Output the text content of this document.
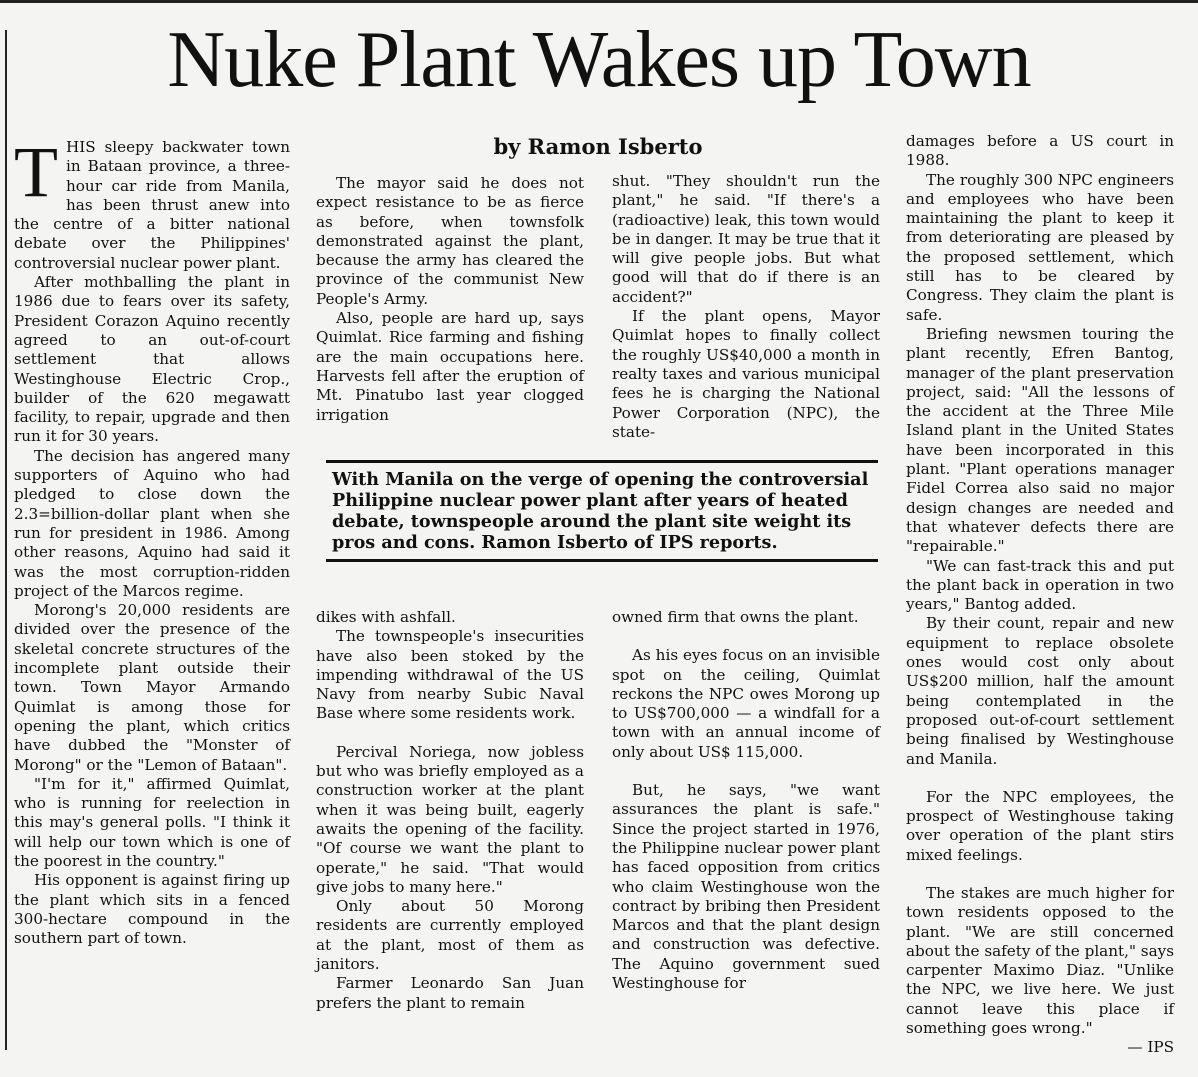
Nuke Plant Wakes up Town

THIS sleepy backwater town in Bataan province, a three-hour car ride from Manila, has been thrust anew into the centre of a bitter national debate over the Philippines' controversial nuclear power plant.

After mothballing the plant in 1986 due to fears over its safety, President Corazon Aquino recently agreed to an out-of-court settlement that allows Westinghouse Electric Crop., builder of the 620 megawatt facility, to repair, upgrade and then run it for 30 years.

The decision has angered many supporters of Aquino who had pledged to close down the 2.3=billion-dollar plant when she run for president in 1986. Among other reasons, Aquino had said it was the most corruption-ridden project of the Marcos regime.

Morong's 20,000 residents are divided over the presence of the skeletal concrete structures of the incomplete plant outside their town. Town Mayor Armando Quimlat is among those for opening the plant, which critics have dubbed the "Monster of Morong" or the "Lemon of Bataan".

"I'm for it," affirmed Quimlat, who is running for reelection in this may's general polls. "I think it will help our town which is one of the poorest in the country."

His opponent is against firing up the plant which sits in a fenced 300-hectare compound in the southern part of town.

by Ramon Isberto

The mayor said he does not expect resistance to be as fierce as before, when townsfolk demonstrated against the plant, because the army has cleared the province of the communist New People's Army.

Also, people are hard up, says Quimlat. Rice farming and fishing are the main occupations here. Harvests fell after the eruption of Mt. Pinatubo last year clogged irrigation

shut. "They shouldn't run the plant," he said. "If there's a (radioactive) leak, this town would be in danger. It may be true that it will give people jobs. But what good will that do if there is an accident?"

If the plant opens, Mayor Quimlat hopes to finally collect the roughly US$40,000 a month in realty taxes and various municipal fees he is charging the National Power Corporation (NPC), the state-

With Manila on the verge of opening the controversial Philippine nuclear power plant after years of heated debate, townspeople around the plant site weight its pros and cons. Ramon Isberto of IPS reports.

dikes with ashfall.

The townspeople's insecurities have also been stoked by the impending withdrawal of the US Navy from nearby Subic Naval Base where some residents work.

Percival Noriega, now jobless but who was briefly employed as a construction worker at the plant when it was being built, eagerly awaits the opening of the facility. "Of course we want the plant to operate," he said. "That would give jobs to many here."

Only about 50 Morong residents are currently employed at the plant, most of them as janitors.

Farmer Leonardo San Juan prefers the plant to remain

owned firm that owns the plant.

As his eyes focus on an invisible spot on the ceiling, Quimlat reckons the NPC owes Morong up to US$700,000 — a windfall for a town with an annual income of only about US$ 115,000.

But, he says, "we want assurances the plant is safe." Since the project started in 1976, the Philippine nuclear power plant has faced opposition from critics who claim Westinghouse won the contract by bribing then President Marcos and that the plant design and construction was defective. The Aquino government sued Westinghouse for

damages before a US court in 1988.

The roughly 300 NPC engineers and employees who have been maintaining the plant to keep it from deteriorating are pleased by the proposed settlement, which still has to be cleared by Congress. They claim the plant is safe.

Briefing newsmen touring the plant recently, Efren Bantog, manager of the plant preservation project, said: "All the lessons of the accident at the Three Mile Island plant in the United States have been incorporated in this plant. "Plant operations manager Fidel Correa also said no major design changes are needed and that whatever defects there are "repairable."

"We can fast-track this and put the plant back in operation in two years," Bantog added.

By their count, repair and new equipment to replace obsolete ones would cost only about US$200 million, half the amount being contemplated in the proposed out-of-court settlement being finalised by Westinghouse and Manila.

For the NPC employees, the prospect of Westinghouse taking over operation of the plant stirs mixed feelings.

The stakes are much higher for town residents opposed to the plant. "We are still concerned about the safety of the plant," says carpenter Maximo Diaz. "Unlike the NPC, we live here. We just cannot leave this place if something goes wrong."

— IPS
